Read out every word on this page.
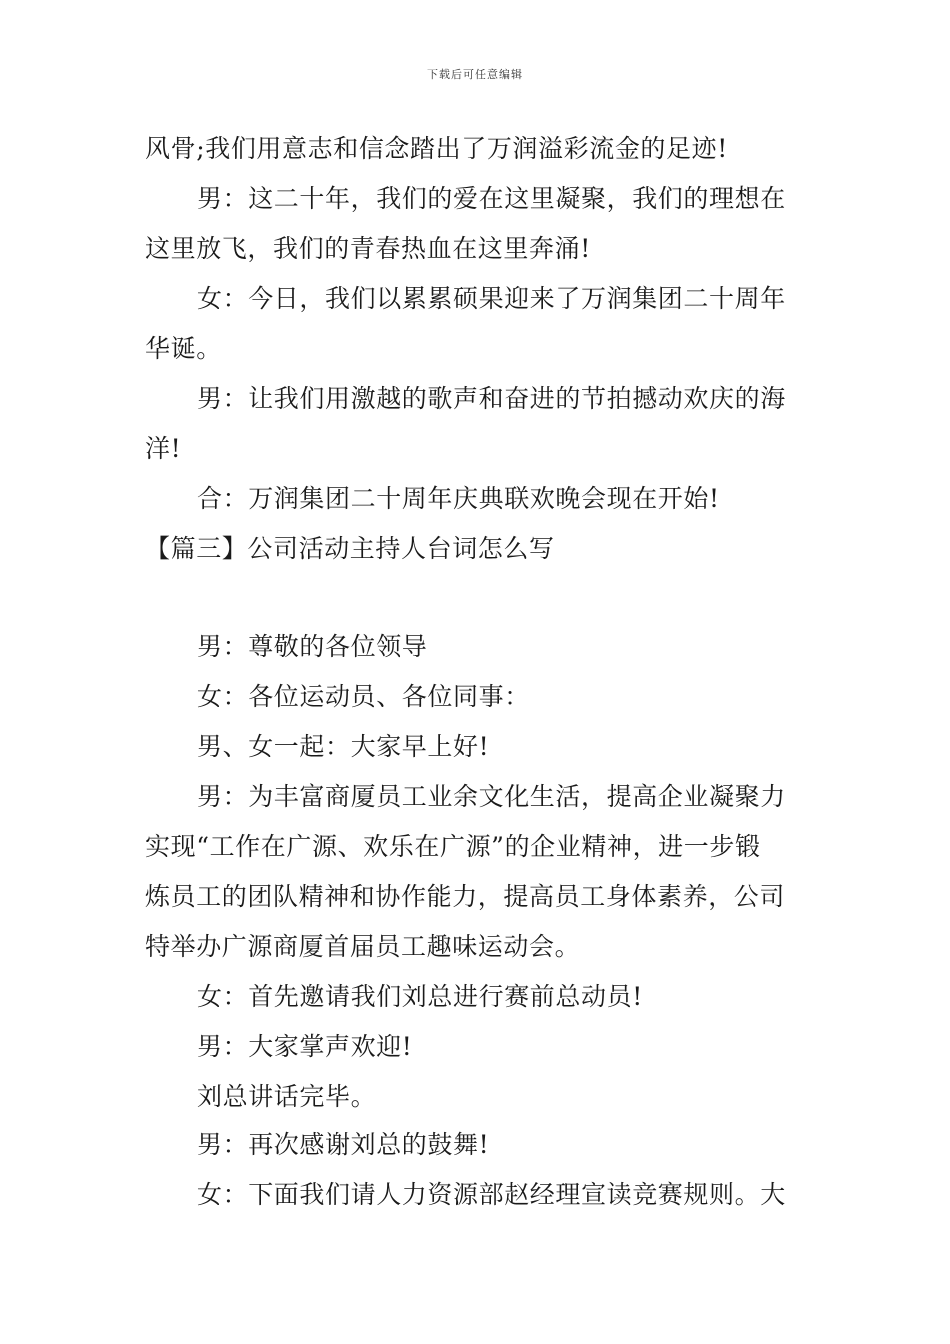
下载后可任意编辑
风骨;我们用意志和信念踏出了万润溢彩流金的足迹!
男：这二十年，我们的爱在这里凝聚，我们的理想在
这里放飞，我们的青春热血在这里奔涌!
女：今日，我们以累累硕果迎来了万润集团二十周年
华诞。
男：让我们用激越的歌声和奋进的节拍撼动欢庆的海
洋!
合：万润集团二十周年庆典联欢晚会现在开始!
【篇三】公司活动主持人台词怎么写
男：尊敬的各位领导
女：各位运动员、各位同事：
男、女一起：大家早上好!
男：为丰富商厦员工业余文化生活，提高企业凝聚力
实现“工作在广源、欢乐在广源”的企业精神，进一步锻
炼员工的团队精神和协作能力，提高员工身体素养，公司
特举办广源商厦首届员工趣味运动会。
女：首先邀请我们刘总进行赛前总动员!
男：大家掌声欢迎!
刘总讲话完毕。
男：再次感谢刘总的鼓舞!
女：下面我们请人力资源部赵经理宣读竞赛规则。大
